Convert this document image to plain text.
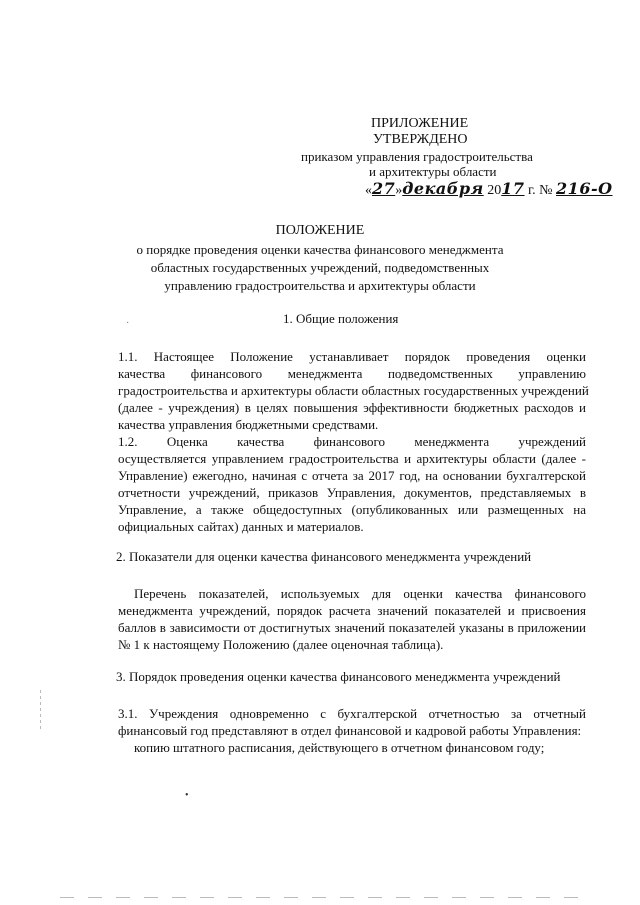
ПРИЛОЖЕНИЕ
УТВЕРЖДЕНО
приказом управления градостроительства
и архитектуры области
«27»декабря 2017 г. № 216-О
ПОЛОЖЕНИЕ
о порядке проведения оценки качества финансового менеджмента
областных государственных учреждений, подведомственных
управлению градостроительства и архитектуры области
1. Общие положения
1.1. Настоящее Положение устанавливает порядок проведения оценки
качества финансового менеджмента подведомственных управлению
градостроительства и архитектуры области областных государственных учреждений
(далее - учреждения) в целях повышения эффективности бюджетных расходов и
качества управления бюджетными средствами.
1.2. Оценка качества финансового менеджмента учреждений
осуществляется управлением градостроительства и архитектуры области (далее -
Управление) ежегодно, начиная с отчета за 2017 год, на основании бухгалтерской
отчетности учреждений, приказов Управления, документов, представляемых в
Управление, а также общедоступных (опубликованных или размещенных на
официальных сайтах) данных и материалов.
2. Показатели для оценки качества финансового менеджмента учреждений
Перечень показателей, используемых для оценки качества финансового
менеджмента учреждений, порядок расчета значений показателей и присвоения
баллов в зависимости от достигнутых значений показателей указаны в приложении
№ 1 к настоящему Положению (далее оценочная таблица).
3. Порядок проведения оценки качества финансового менеджмента учреждений
3.1. Учреждения одновременно с бухгалтерской отчетностью за отчетный
финансовый год представляют в отдел финансовой и кадровой работы Управления:
копию штатного расписания, действующего в отчетном финансовом году;
·
•
